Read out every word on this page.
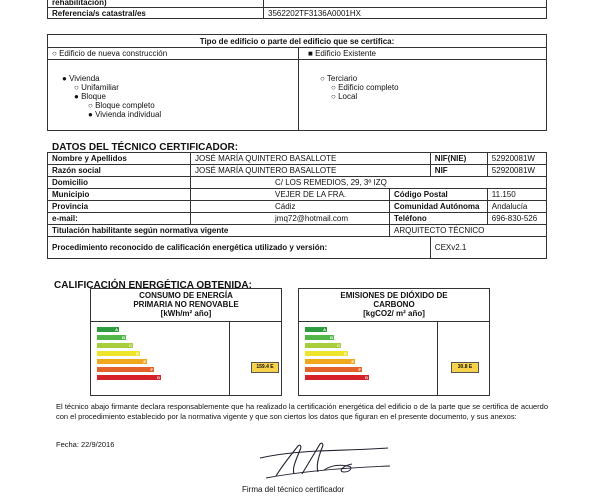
rehabilitación)	
Referencia/s catastral/es	3562202TF3136A0001HX
Tipo de edificio o parte del edificio que se certifica:
○ Edificio de nueva construcción	■ Edificio Existente
● Vivienda
○ Unifamiliar
● Bloque
○ Bloque completo
● Vivienda individual
○ Terciario
○ Edificio completo
○ Local
DATOS DEL TÉCNICO CERTIFICADOR:
Nombre y Apellidos	JOSÉ MARÍA QUINTERO BASALLOTE		NIF(NIE)	52920081W
Razón social	JOSÉ MARÍA QUINTERO BASALLOTE		NIF	52920081W
Domicilio	C/ LOS REMEDIOS, 29, 3º IZQ			
Municipio	VEJER DE LA FRA.	Código Postal		11.150
Provincia	Cádiz	Comunidad Autónoma		Andalucía
e-mail:	jmq72@hotmail.com	Teléfono		696-830-526
Titulación habilitante según normativa vigente		ARQUITECTO TÉCNICO		
Procedimiento reconocido de calificación energética utilizado y versión:			CEXv2.1	
CALIFICACIÓN ENERGÉTICA OBTENIDA:
CONSUMO DE ENERGÍA
PRIMARIA NO RENOVABLE
[kWh/m² año]
A
B
C
D
E
F
G
159.4 E
EMISIONES DE DIÓXIDO DE
CARBONO
[kgCO2/ m² año]
A
B
C
D
E
F
G
30.8 E
El técnico abajo firmante declara responsablemente que ha realizado la certificación energética del edificio o de la parte que se certifica de acuerdo con el procedimiento establecido por la normativa vigente y que son ciertos los datos que figuran en el presente documento, y sus anexos:
Fecha: 22/9/2016
Firma del técnico certificador
